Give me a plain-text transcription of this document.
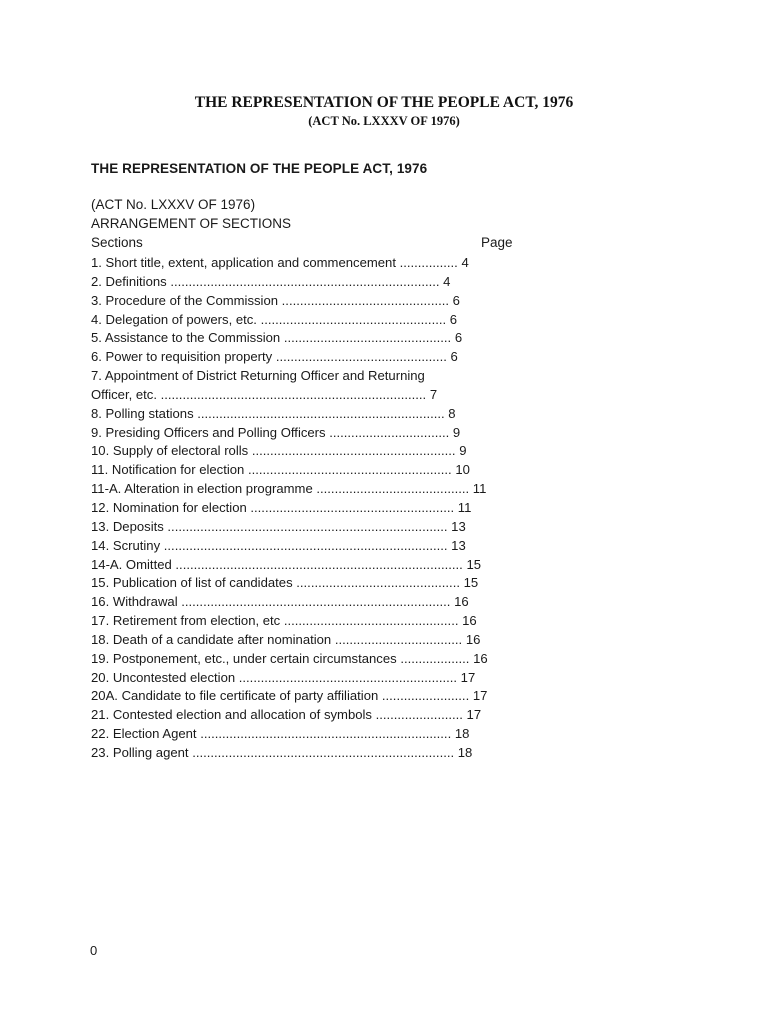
THE REPRESENTATION OF THE PEOPLE ACT, 1976
(ACT No. LXXXV OF 1976)
THE REPRESENTATION OF THE PEOPLE ACT, 1976
(ACT No. LXXXV OF 1976)
ARRANGEMENT OF SECTIONS
Sections	Page
1. Short title, extent, application and commencement ................ 4
2. Definitions .......................................................................... 4
3. Procedure of the Commission .............................................. 6
4. Delegation of powers, etc. ................................................... 6
5. Assistance to the Commission .............................................. 6
6. Power to requisition property ............................................... 6
7. Appointment of District Returning Officer and Returning
Officer, etc. ......................................................................... 7
8. Polling stations .................................................................... 8
9. Presiding Officers and Polling Officers ................................. 9
10. Supply of electoral rolls ........................................................ 9
11. Notification for election ........................................................ 10
11-A. Alteration in election programme .......................................... 11
12. Nomination for election ........................................................ 11
13. Deposits ............................................................................. 13
14. Scrutiny .............................................................................. 13
14-A. Omitted ............................................................................... 15
15. Publication of list of candidates ............................................. 15
16. Withdrawal .......................................................................... 16
17. Retirement from election, etc ................................................ 16
18. Death of a candidate after nomination ................................... 16
19. Postponement, etc., under certain circumstances ................... 16
20. Uncontested election ............................................................ 17
20A. Candidate to file certificate of party affiliation ........................ 17
21. Contested election and allocation of symbols ........................ 17
22. Election Agent ..................................................................... 18
23. Polling agent ........................................................................ 18
0
